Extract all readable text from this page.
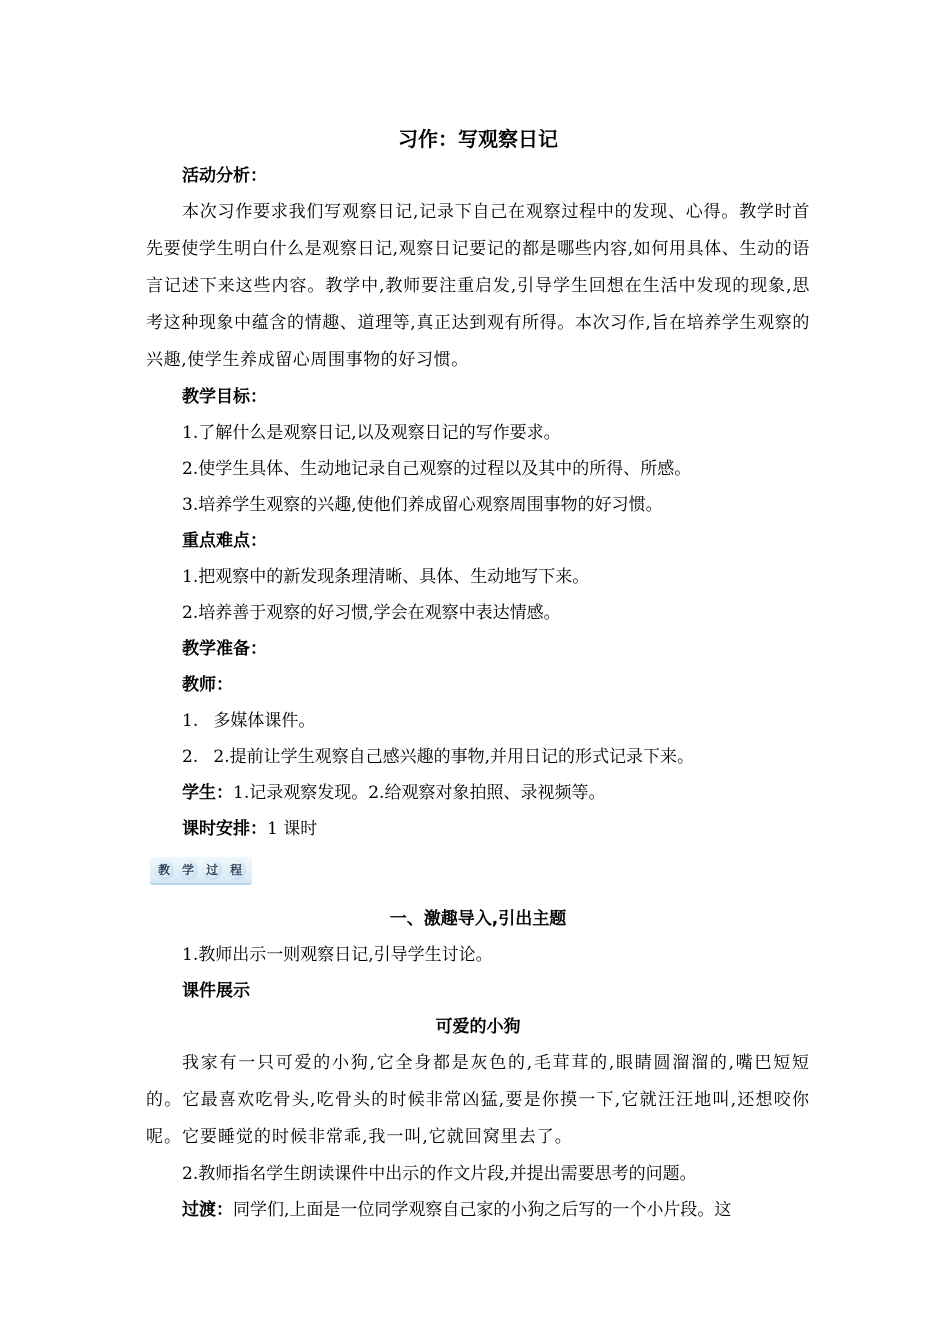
习作：写观察日记
活动分析：
本次习作要求我们写观察日记,记录下自己在观察过程中的发现、心得。教学时首先要使学生明白什么是观察日记,观察日记要记的都是哪些内容,如何用具体、生动的语言记述下来这些内容。教学中,教师要注重启发,引导学生回想在生活中发现的现象,思考这种现象中蕴含的情趣、道理等,真正达到观有所得。本次习作,旨在培养学生观察的兴趣,使学生养成留心周围事物的好习惯。
教学目标：
1.了解什么是观察日记,以及观察日记的写作要求。
2.使学生具体、生动地记录自己观察的过程以及其中的所得、所感。
3.培养学生观察的兴趣,使他们养成留心观察周围事物的好习惯。
重点难点：
1.把观察中的新发现条理清晰、具体、生动地写下来。
2.培养善于观察的好习惯,学会在观察中表达情感。
教学准备：
教师：
1. 多媒体课件。
2. 2.提前让学生观察自己感兴趣的事物,并用日记的形式记录下来。
学生：1.记录观察发现。2.给观察对象拍照、录视频等。
课时安排：1 课时
教 学 过 程
一、激趣导入,引出主题
1.教师出示一则观察日记,引导学生讨论。
课件展示
可爱的小狗
我家有一只可爱的小狗,它全身都是灰色的,毛茸茸的,眼睛圆溜溜的,嘴巴短短的。它最喜欢吃骨头,吃骨头的时候非常凶猛,要是你摸一下,它就汪汪地叫,还想咬你呢。它要睡觉的时候非常乖,我一叫,它就回窝里去了。
2.教师指名学生朗读课件中出示的作文片段,并提出需要思考的问题。
过渡：同学们,上面是一位同学观察自己家的小狗之后写的一个小片段。这
